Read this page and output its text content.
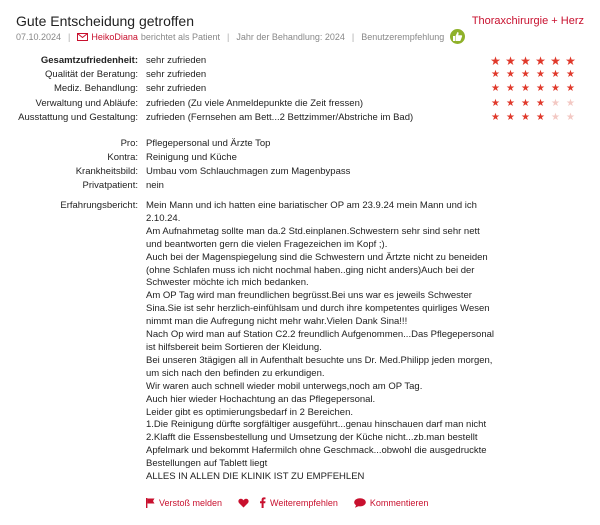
Gute Entscheidung getroffen	Thoraxchirurgie + Herz
07.10.2024 | HeikoDiana berichtet als Patient | Jahr der Behandlung: 2024 | Benutzerempfehlung
Gesamtzufriedenheit: sehr zufrieden	★ ★ ★ ★ ★ ★
Qualität der Beratung: sehr zufrieden	★ ★ ★ ★ ★ ★
Mediz. Behandlung: sehr zufrieden	★ ★ ★ ★ ★ ★
Verwaltung und Abläufe: zufrieden (Zu viele Anmeldepunkte die Zeit fressen)	★ ★ ★ ★ ★ ★
Ausstattung und Gestaltung: zufrieden (Fernsehen am Bett...2 Bettzimmer/Abstriche im Bad)	★ ★ ★ ★ ★ ★
Pro: Pflegepersonal und Ärzte Top
Kontra: Reinigung und Küche
Krankheitsbild: Umbau vom Schlauchmagen zum Magenbypass
Privatpatient: nein
Erfahrungsbericht: Mein Mann und ich hatten eine bariatischer OP am 23.9.24 mein Mann und ich 2.10.24.

Am Aufnahmetag sollte man da.2 Std.einplanen.Schwestern sehr sind sehr nett und beantworten gern die vielen Fragezeichen im Kopf ;).

Auch bei der Magenspiegelung sind die Schwestern und Ärtzte nicht zu beneiden (ohne Schlafen muss ich nicht nochmal haben..ging nicht anders)Auch bei der Schwester möchte ich mich bedanken.

Am OP Tag wird man freundlichen begrüsst.Bei uns war es jeweils Schwester Sina.Sie ist sehr herzlich-einfühlsam und durch ihre kompetentes quirliges Wesen nimmt man die Aufregung nicht mehr wahr.Vielen Dank Sina!!!

Nach Op wird man auf Station C2.2 freundlich Aufgenommen...Das Pflegepersonal ist hilfsbereit beim Sortieren der Kleidung.

Bei unseren 3tägigen all in Aufenthalt besuchte uns Dr. Med.Philipp jeden morgen, um sich nach den befinden zu erkundigen.

Wir waren auch schnell wieder mobil unterwegs,noch am OP Tag.

Auch hier wieder Hochachtung an das Pflegepersonal.

Leider gibt es optimierungsbedarf in 2 Bereichen.

1.Die Reinigung dürfte sorgfältiger ausgeführt...genau hinschauen darf man nicht

2.Klafft die Essensbestellung und Umsetzung der Küche nicht...zb.man bestellt Apfelmark und bekommt Hafermilch ohne Geschmack...obwohl die ausgedruckte Bestellungen auf Tablett liegt

ALLES IN ALLEN DIE KLINIK IST ZU EMPFEHLEN

Verstoß melden	Weiterempfehlen	Kommentieren
